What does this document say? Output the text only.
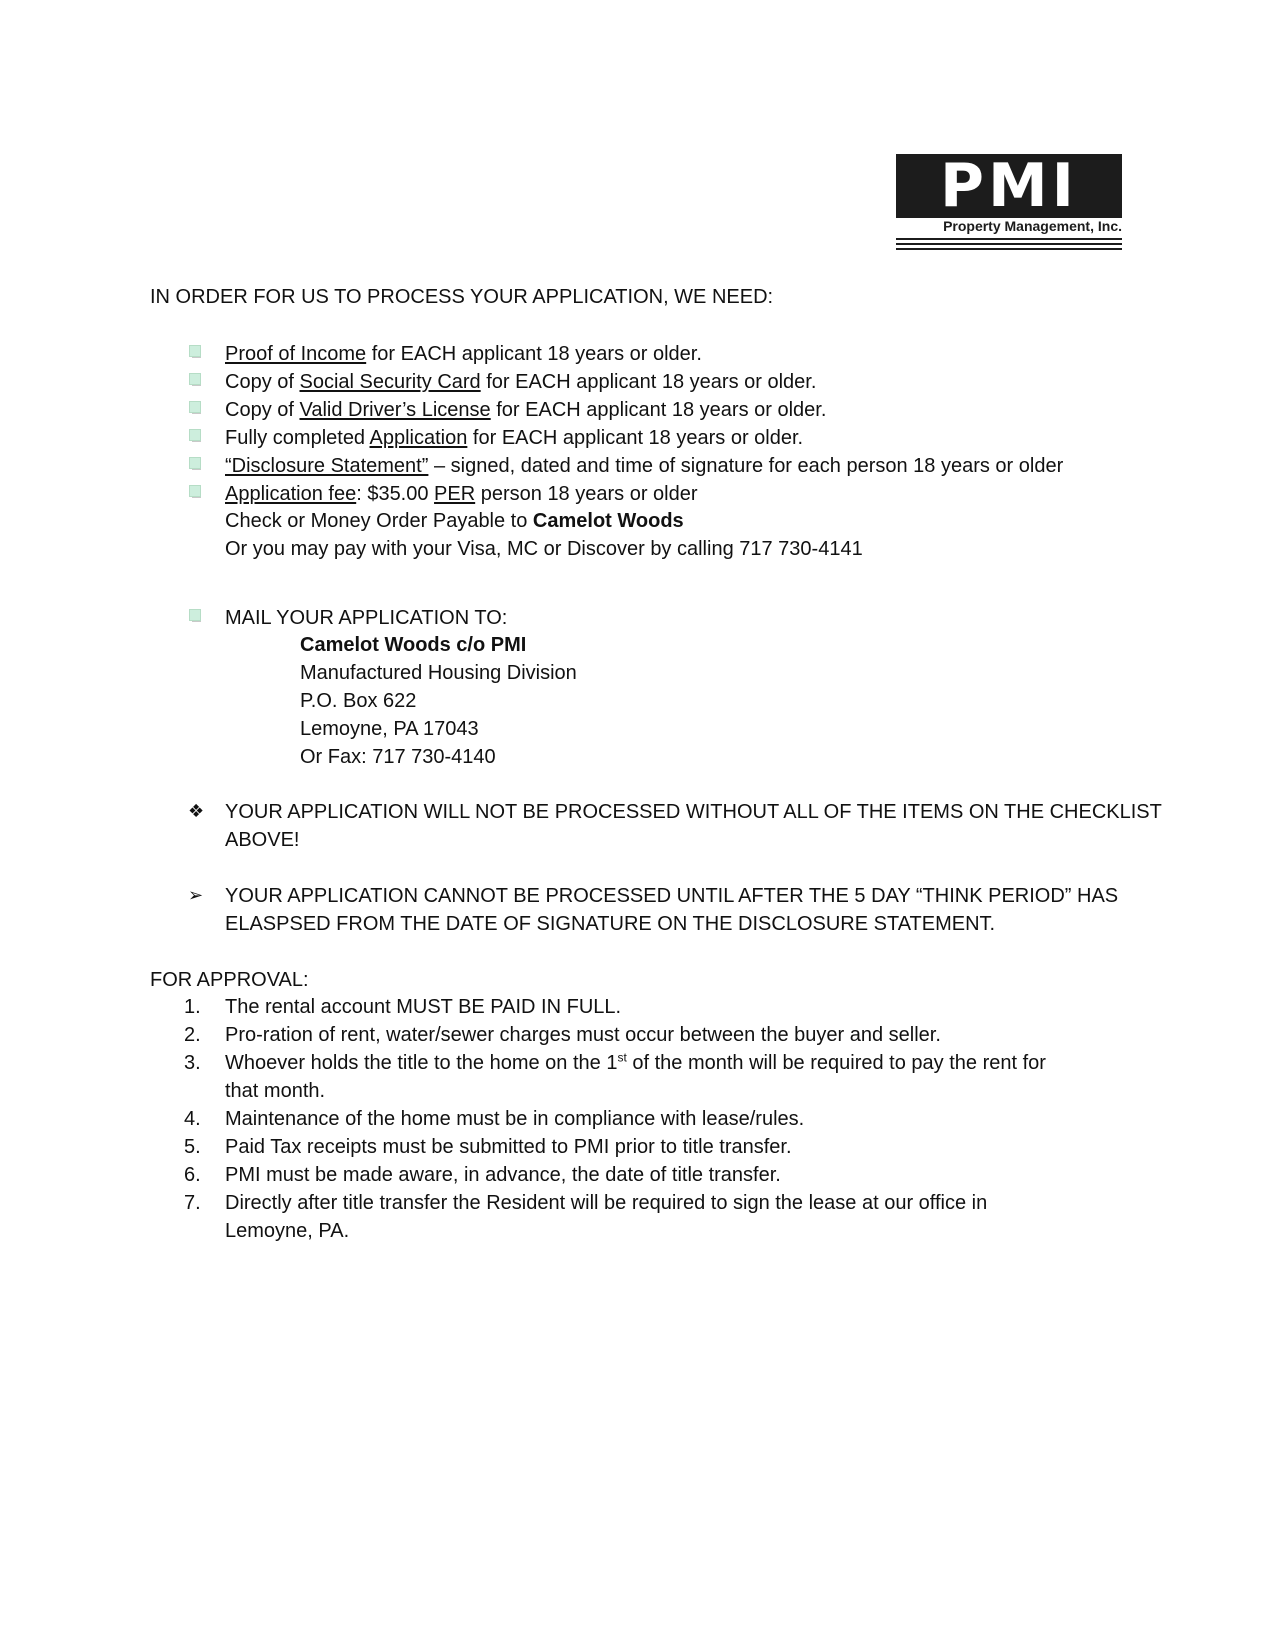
PMI
Property Management, Inc.
IN ORDER FOR US TO PROCESS YOUR APPLICATION, WE NEED:
Proof of Income for EACH applicant 18 years or older.
Copy of Social Security Card for EACH applicant 18 years or older.
Copy of Valid Driver’s License for EACH applicant 18 years or older.
Fully completed Application for EACH applicant 18 years or older.
“Disclosure Statement” – signed, dated and time of signature for each person 18 years or older
Application fee: $35.00 PER person 18 years or older
Check or Money Order Payable to Camelot Woods
Or you may pay with your Visa, MC or Discover by calling 717 730-4141
MAIL YOUR APPLICATION TO:
Camelot Woods c/o PMI
Manufactured Housing Division
P.O. Box 622
Lemoyne, PA 17043
Or Fax: 717 730-4140
❖ YOUR APPLICATION WILL NOT BE PROCESSED WITHOUT ALL OF THE ITEMS ON THE CHECKLIST
ABOVE!
➢ YOUR APPLICATION CANNOT BE PROCESSED UNTIL AFTER THE 5 DAY “THINK PERIOD” HAS
ELASPSED FROM THE DATE OF SIGNATURE ON THE DISCLOSURE STATEMENT.
FOR APPROVAL:
1. The rental account MUST BE PAID IN FULL.
2. Pro-ration of rent, water/sewer charges must occur between the buyer and seller.
3. Whoever holds the title to the home on the 1st of the month will be required to pay the rent for
that month.
4. Maintenance of the home must be in compliance with lease/rules.
5. Paid Tax receipts must be submitted to PMI prior to title transfer.
6. PMI must be made aware, in advance, the date of title transfer.
7. Directly after title transfer the Resident will be required to sign the lease at our office in
Lemoyne, PA.
